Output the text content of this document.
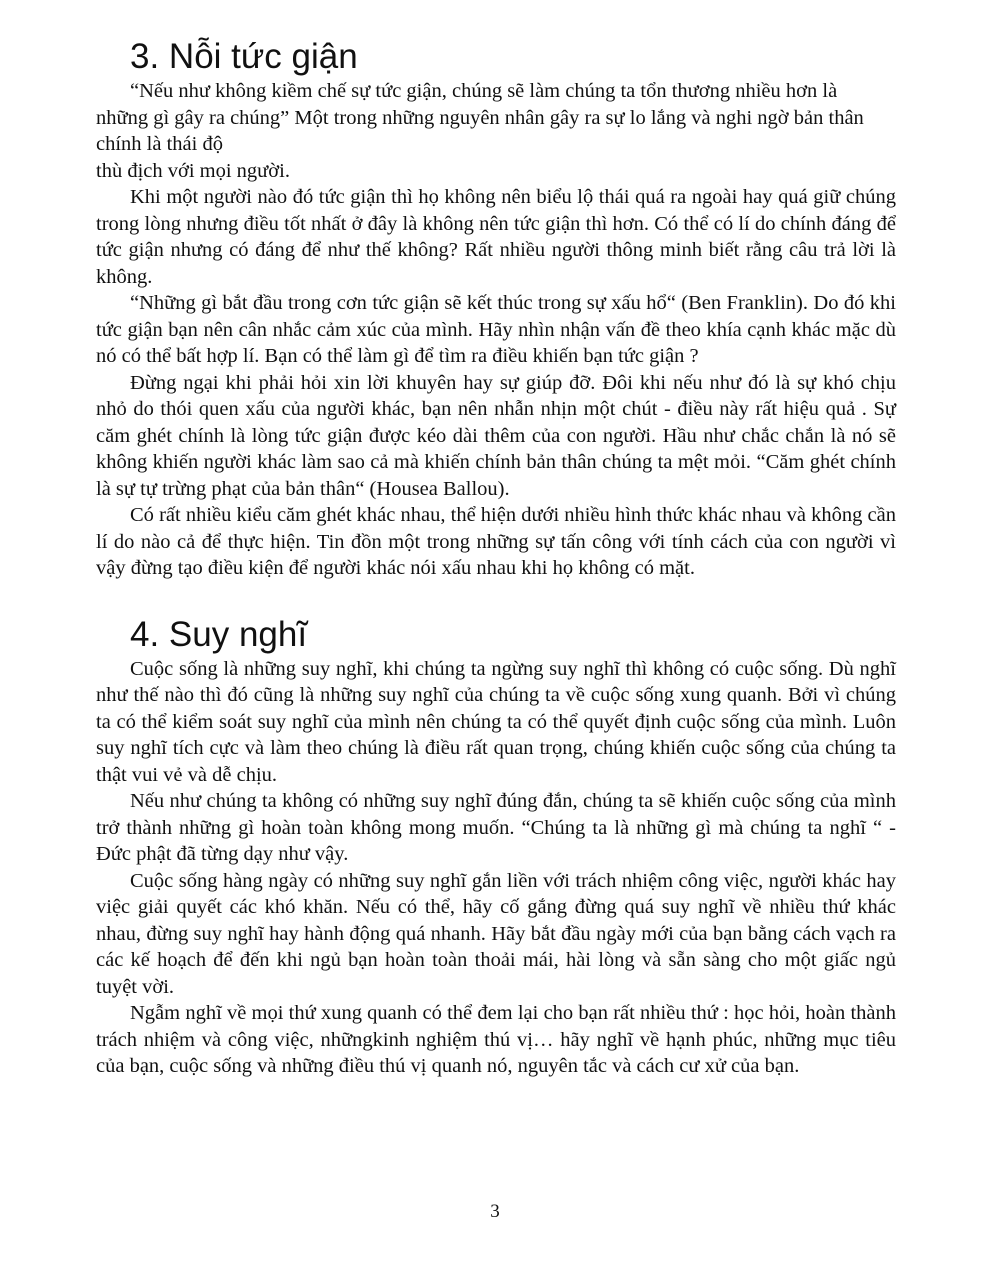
3. Nỗi tức giận

“Nếu như không kiềm chế sự tức giận, chúng sẽ làm chúng ta tổn thương nhiều hơn là những gì gây ra chúng” Một trong những nguyên nhân gây ra sự lo lắng và nghi ngờ bản thân chính là thái độ

thù địch với mọi người.

Khi một người nào đó tức giận thì họ không nên biểu lộ thái quá ra ngoài hay quá giữ chúng trong lòng nhưng điều tốt nhất ở đây là không nên tức giận thì hơn. Có thể có lí do chính đáng để tức giận nhưng có đáng để như thế không? Rất nhiều người thông minh biết rằng câu trả lời là không.

“Những gì bắt đầu trong cơn tức giận sẽ kết thúc trong sự xấu hổ“ (Ben Franklin). Do đó khi tức giận bạn nên cân nhắc cảm xúc của mình. Hãy nhìn nhận vấn đề theo khía cạnh khác mặc dù nó có thể bất hợp lí. Bạn có thể làm gì để tìm ra điều khiến bạn tức giận ?

Đừng ngại khi phải hỏi xin lời khuyên hay sự giúp đỡ. Đôi khi nếu như đó là sự khó chịu nhỏ do thói quen xấu của người khác, bạn nên nhẫn nhịn một chút - điều này rất hiệu quả . Sự căm ghét chính là lòng tức giận được kéo dài thêm của con người. Hầu như chắc chắn là nó sẽ không khiến người khác làm sao cả mà khiến chính bản thân chúng ta mệt mỏi. “Căm ghét chính là sự tự trừng phạt của bản thân“ (Housea Ballou).

Có rất nhiều kiểu căm ghét khác nhau, thể hiện dưới nhiều hình thức khác nhau và không cần lí do nào cả để thực hiện. Tin đồn một trong những sự tấn công với tính cách của con người vì vậy đừng tạo điều kiện để người khác nói xấu nhau khi họ không có mặt.

4. Suy nghĩ

Cuộc sống là những suy nghĩ, khi chúng ta ngừng suy nghĩ thì không có cuộc sống. Dù nghĩ như thế nào thì đó cũng là những suy nghĩ của chúng ta về cuộc sống xung quanh. Bởi vì chúng ta có thể kiểm soát suy nghĩ của mình nên chúng ta có thể quyết định cuộc sống của mình. Luôn suy nghĩ tích cực và làm theo chúng là điều rất quan trọng, chúng khiến cuộc sống của chúng ta thật vui vẻ và dễ chịu.

Nếu như chúng ta không có những suy nghĩ đúng đắn, chúng ta sẽ khiến cuộc sống của mình trở thành những gì hoàn toàn không mong muốn. “Chúng ta là những gì mà chúng ta nghĩ “ - Đức phật đã từng dạy như vậy.

Cuộc sống hàng ngày có những suy nghĩ gắn liền với trách nhiệm công việc, người khác hay việc giải quyết các khó khăn. Nếu có thể, hãy cố gắng đừng quá suy nghĩ về nhiều thứ khác nhau, đừng suy nghĩ hay hành động quá nhanh. Hãy bắt đầu ngày mới của bạn bằng cách vạch ra các kế hoạch để đến khi ngủ bạn hoàn toàn thoải mái, hài lòng và sẵn sàng cho một giấc ngủ tuyệt vời.

Ngẫm nghĩ về mọi thứ xung quanh có thể đem lại cho bạn rất nhiều thứ : học hỏi, hoàn thành trách nhiệm và công việc, nhữngkinh nghiệm thú vị… hãy nghĩ về hạnh phúc, những mục tiêu của bạn, cuộc sống và những điều thú vị quanh nó, nguyên tắc và cách cư xử của bạn.

3
